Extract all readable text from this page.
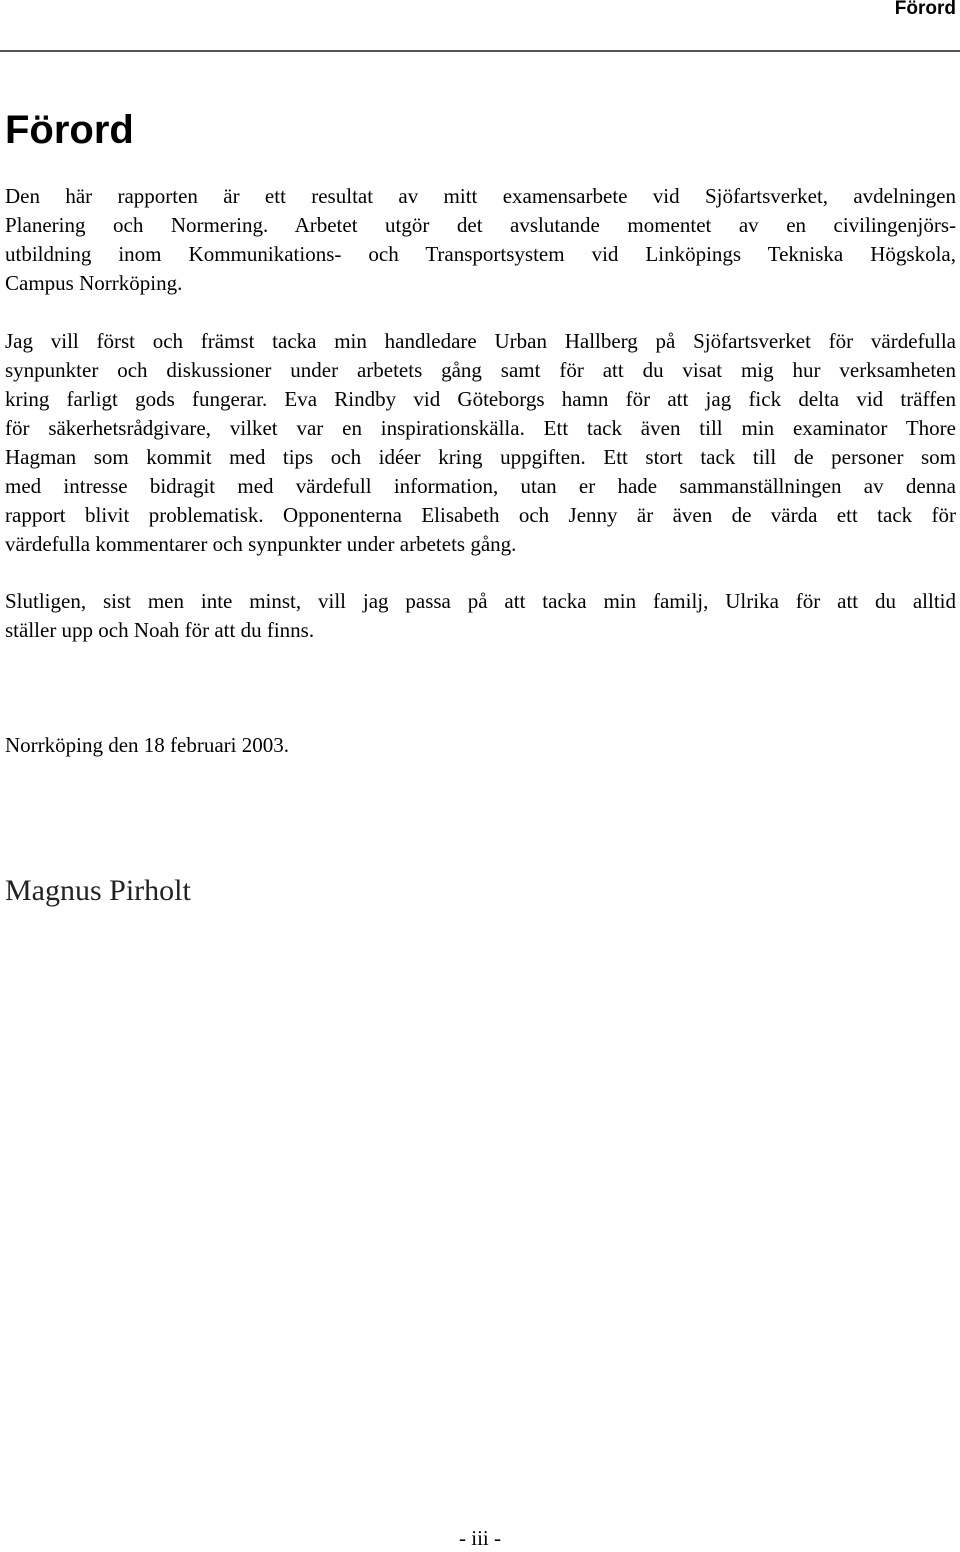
Förord
Förord
Den här rapporten är ett resultat av mitt examensarbete vid Sjöfartsverket, avdelningen
Planering och Normering. Arbetet utgör det avslutande momentet av en civilingenjörs-
utbildning inom Kommunikations- och Transportsystem vid Linköpings Tekniska Högskola,
Campus Norrköping.
Jag vill först och främst tacka min handledare Urban Hallberg på Sjöfartsverket för värdefulla
synpunkter och diskussioner under arbetets gång samt för att du visat mig hur verksamheten
kring farligt gods fungerar. Eva Rindby vid Göteborgs hamn för att jag fick delta vid träffen
för säkerhetsrådgivare, vilket var en inspirationskälla. Ett tack även till min examinator Thore
Hagman som kommit med tips och idéer kring uppgiften. Ett stort tack till de personer som
med intresse bidragit med värdefull information, utan er hade sammanställningen av denna
rapport blivit problematisk. Opponenterna Elisabeth och Jenny är även de värda ett tack för
värdefulla kommentarer och synpunkter under arbetets gång.
Slutligen, sist men inte minst, vill jag passa på att tacka min familj, Ulrika för att du alltid
ställer upp och Noah för att du finns.
Norrköping den 18 februari 2003.
Magnus Pirholt
- iii -
